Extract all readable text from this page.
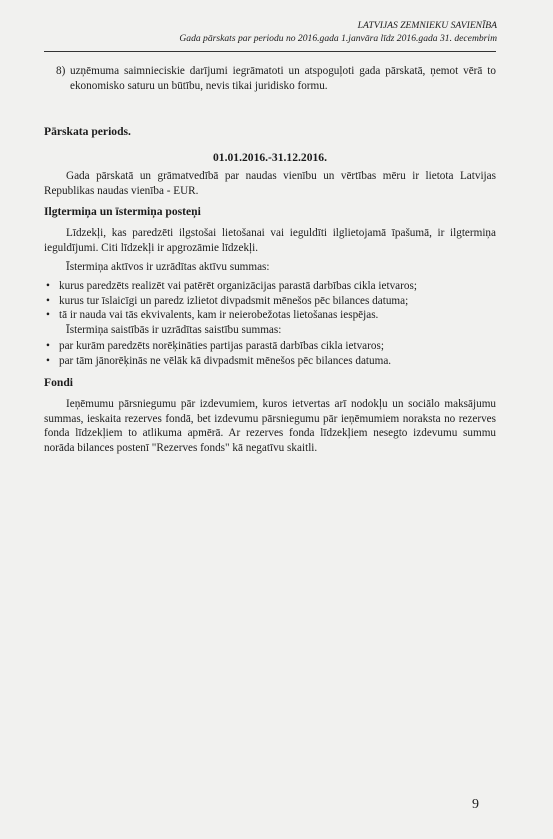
LATVIJAS ZEMNIEKU SAVIENĪBA
Gada pārskats par periodu no 2016.gada 1.janvāra līdz 2016.gada 31. decembrim
8) uzņēmuma saimnieciskie darījumi iegrāmatoti un atspoguļoti gada pārskatā, ņemot vērā to ekonomisko saturu un būtību, nevis tikai juridisko formu.
Pārskata periods.
01.01.2016.-31.12.2016.
Gada pārskatā un grāmatvedībā par naudas vienību un vērtības mēru ir lietota Latvijas Republikas naudas vienība - EUR.
Ilgtermiņa un īstermiņa posteņi
Līdzekļi, kas paredzēti ilgstošai lietošanai vai ieguldīti ilglietojamā īpašumā, ir ilgtermiņa ieguldījumi. Citi līdzekļi ir apgrozāmie līdzekļi.
Īstermiņa aktīvos ir uzrādītas aktīvu summas:
• kurus paredzēts realizēt vai patērēt organizācijas parastā darbības cikla ietvaros;
• kurus tur īslaicīgi un paredz izlietot divpadsmit mēnešos pēc bilances datuma;
• tā ir nauda vai tās ekvivalents, kam ir neierobežotas lietošanas iespējas.
Īstermiņa saistībās ir uzrādītas saistību summas:
• par kurām paredzēts norēķināties partijas parastā darbības cikla ietvaros;
• par tām jānorēķinās ne vēlāk kā divpadsmit mēnešos pēc bilances datuma.
Fondi
Ieņēmumu pārsniegumu pār izdevumiem, kuros ietvertas arī nodokļu un sociālo maksājumu summas, ieskaita rezerves fondā, bet izdevumu pārsniegumu pār ieņēmumiem noraksta no rezerves fonda līdzekļiem to atlikuma apmērā. Ar rezerves fonda līdzekļiem nesegto izdevumu summu norāda bilances postenī "Rezerves fonds" kā negatīvu skaitli.
9
